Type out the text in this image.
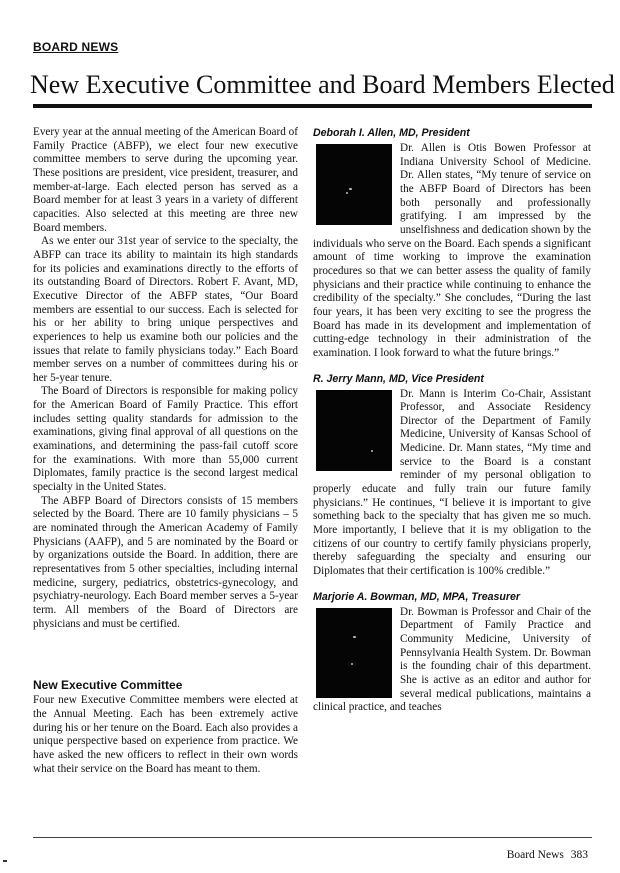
BOARD NEWS
New Executive Committee and Board Members Elected

Every year at the annual meeting of the American Board of Family Practice (ABFP), we elect four new executive committee members to serve during the upcoming year. These positions are president, vice president, treasurer, and member-at-large. Each elected person has served as a Board member for at least 3 years in a variety of different capacities. Also selected at this meeting are three new Board members.

As we enter our 31st year of service to the specialty, the ABFP can trace its ability to maintain its high standards for its policies and examinations directly to the efforts of its outstanding Board of Directors. Robert F. Avant, MD, Executive Director of the ABFP states, “Our Board members are essential to our success. Each is selected for his or her ability to bring unique perspectives and experiences to help us examine both our policies and the issues that relate to family physicians today.” Each Board member serves on a number of committees during his or her 5-year tenure.

The Board of Directors is responsible for making policy for the American Board of Family Practice. This effort includes setting quality standards for admission to the examinations, giving final approval of all questions on the examinations, and determining the pass-fail cutoff score for the examinations. With more than 55,000 current Diplomates, family practice is the second largest medical specialty in the United States.

The ABFP Board of Directors consists of 15 members selected by the Board. There are 10 family physicians – 5 are nominated through the American Academy of Family Physicians (AAFP), and 5 are nominated by the Board or by organizations outside the Board. In addition, there are representatives from 5 other specialties, including internal medicine, surgery, pediatrics, obstetrics-gynecology, and psychiatry-neurology. Each Board member serves a 5-year term. All members of the Board of Directors are physicians and must be certified.

New Executive Committee

Four new Executive Committee members were elected at the Annual Meeting. Each has been extremely active during his or her tenure on the Board. Each also provides a unique perspective based on experience from practice. We have asked the new officers to reflect in their own words what their service on the Board has meant to them.

Deborah I. Allen, MD, President

Dr. Allen is Otis Bowen Professor at Indiana University School of Medicine. Dr. Allen states, “My tenure of service on the ABFP Board of Directors has been both personally and professionally gratifying. I am impressed by the unselfishness and dedication shown by the individuals who serve on the Board. Each spends a significant amount of time working to improve the examination procedures so that we can better assess the quality of family physicians and their practice while continuing to enhance the credibility of the specialty.” She concludes, “During the last four years, it has been very exciting to see the progress the Board has made in its development and implementation of cutting-edge technology in their administration of the examination. I look forward to what the future brings.”

R. Jerry Mann, MD, Vice President

Dr. Mann is Interim Co-Chair, Assistant Professor, and Associate Residency Director of the Department of Family Medicine, University of Kansas School of Medicine. Dr. Mann states, “My time and service to the Board is a constant reminder of my personal obligation to properly educate and fully train our future family physicians.” He continues, “I believe it is important to give something back to the specialty that has given me so much. More importantly, I believe that it is my obligation to the citizens of our country to certify family physicians properly, thereby safeguarding the specialty and ensuring our Diplomates that their certification is 100% credible.”

Marjorie A. Bowman, MD, MPA, Treasurer

Dr. Bowman is Professor and Chair of the Department of Family Practice and Community Medicine, University of Pennsylvania Health System. Dr. Bowman is the founding chair of this department. She is active as an editor and author for several medical publications, maintains a clinical practice, and teaches

Board News 383
